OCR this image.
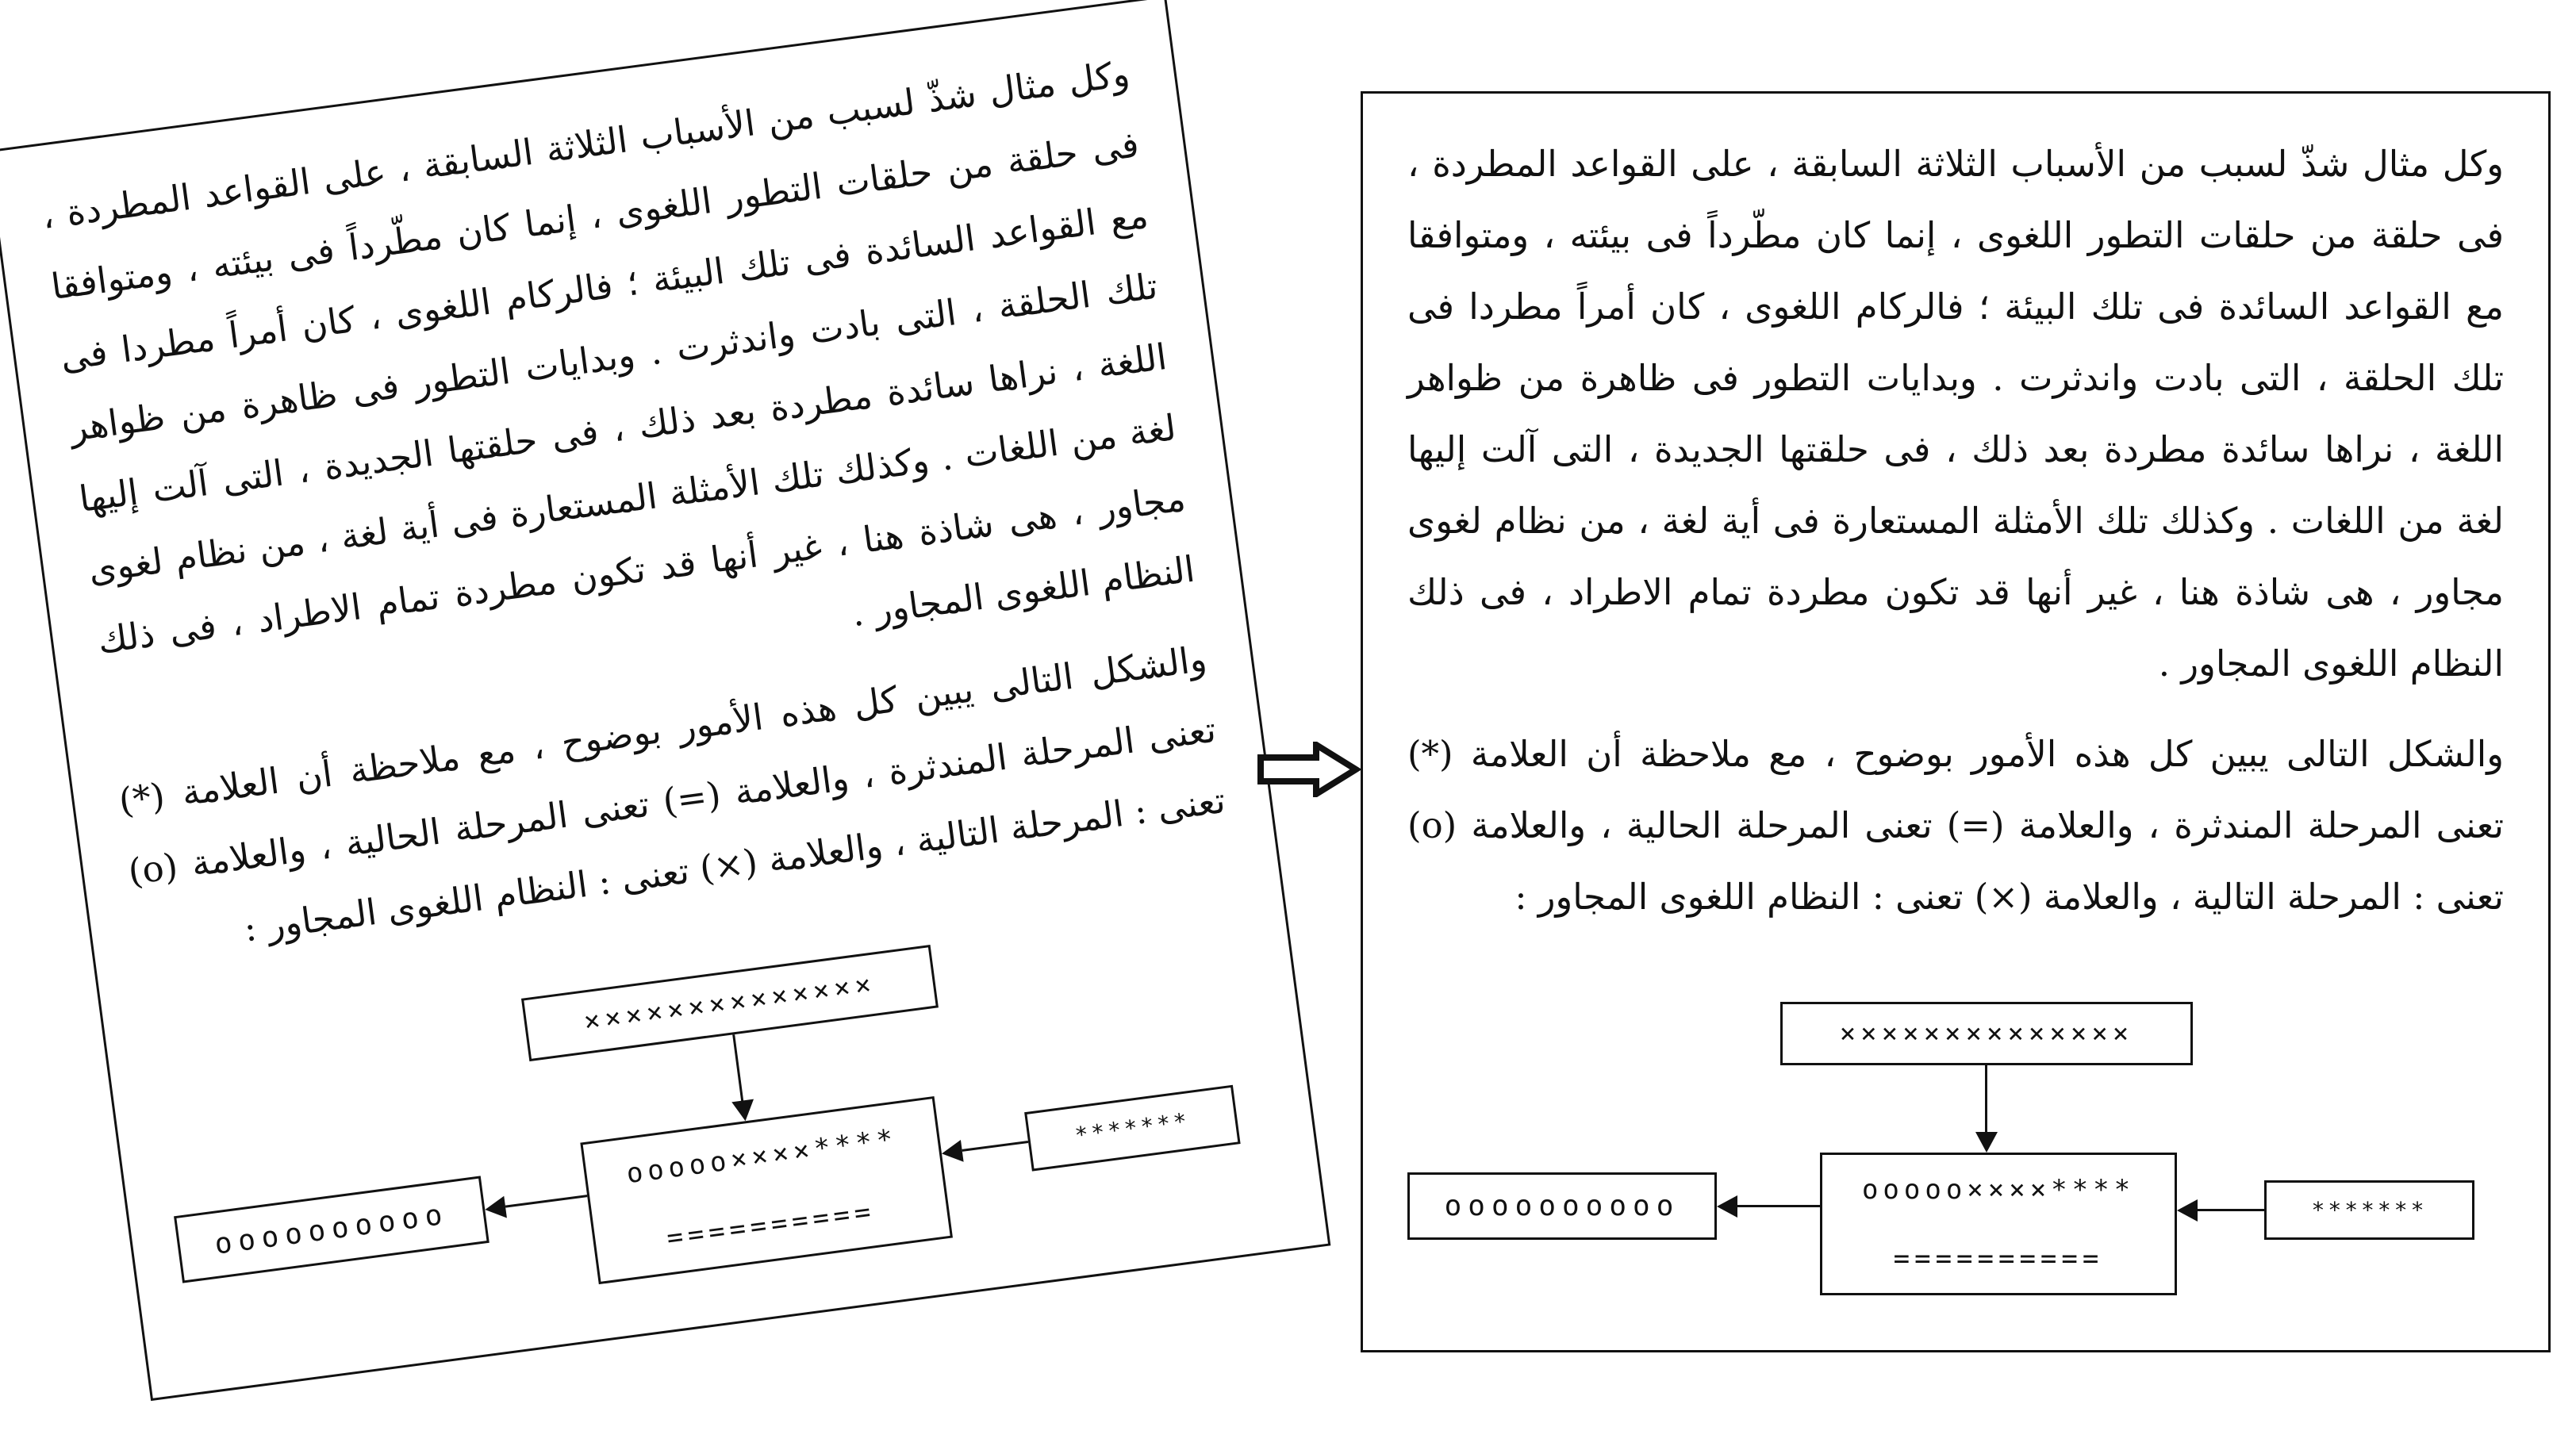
وكل مثال شذّ لسبب من الأسباب الثلاثة السابقة ، على القواعد المطردة ، فى حلقة من حلقات التطور اللغوى ، إنما كان مطّرداً فى بيئته ، ومتوافقا مع القواعد السائدة فى تلك البيئة ؛ فالركام اللغوى ، كان أمراً مطردا فى تلك الحلقة ، التى بادت واندثرت . وبدايات التطور فى ظاهرة من ظواهر اللغة ، نراها سائدة مطردة بعد ذلك ، فى حلقتها الجديدة ، التى آلت إليها لغة من اللغات . وكذلك تلك الأمثلة المستعارة فى أية لغة ، من نظام لغوى مجاور ، هى شاذة هنا ، غير أنها قد تكون مطردة تمام الاطراد ، فى ذلك النظام اللغوى المجاور .

والشكل التالى يبين كل هذه الأمور بوضوح ، مع ملاحظة أن العلامة (*) تعنى المرحلة المندثرة ، والعلامة (=) تعنى المرحلة الحالية ، والعلامة (o) تعنى : المرحلة التالية ، والعلامة (×) تعنى : النظام اللغوى المجاور :

××××××××××××××
ooooo××××****
==========
oooooooooo
*******

وكل مثال شذّ لسبب من الأسباب الثلاثة السابقة ، على القواعد المطردة ، فى حلقة من حلقات التطور اللغوى ، إنما كان مطّرداً فى بيئته ، ومتوافقا مع القواعد السائدة فى تلك البيئة ؛ فالركام اللغوى ، كان أمراً مطردا فى تلك الحلقة ، التى بادت واندثرت . وبدايات التطور فى ظاهرة من ظواهر اللغة ، نراها سائدة مطردة بعد ذلك ، فى حلقتها الجديدة ، التى آلت إليها لغة من اللغات . وكذلك تلك الأمثلة المستعارة فى أية لغة ، من نظام لغوى مجاور ، هى شاذة هنا ، غير أنها قد تكون مطردة تمام الاطراد ، فى ذلك النظام اللغوى المجاور .

والشكل التالى يبين كل هذه الأمور بوضوح ، مع ملاحظة أن العلامة (*) تعنى المرحلة المندثرة ، والعلامة (=) تعنى المرحلة الحالية ، والعلامة (o) تعنى : المرحلة التالية ، والعلامة (×) تعنى : النظام اللغوى المجاور :

××××××××××××××
ooooo××××****
==========
oooooooooo	*******
